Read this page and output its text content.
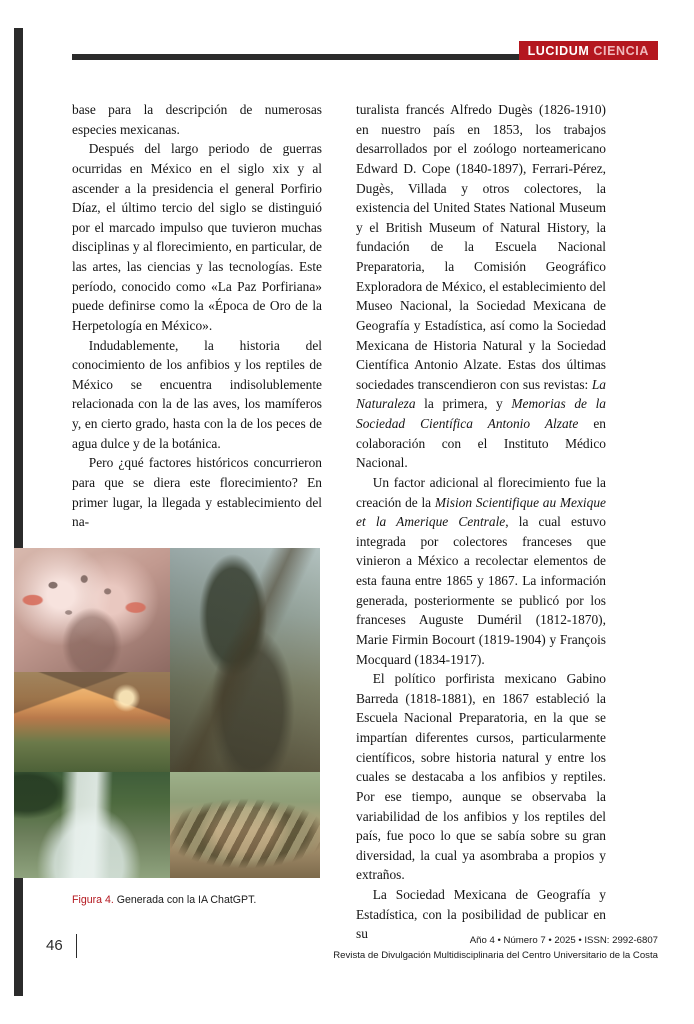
LUCIDUM CIENCIA

base para la descripción de numerosas especies mexicanas.

Después del largo periodo de guerras ocurridas en México en el siglo xix y al ascender a la presidencia el general Porfirio Díaz, el último tercio del siglo se distinguió por el marcado impulso que tuvieron muchas disciplinas y al florecimiento, en particular, de las artes, las ciencias y las tecnologías. Este período, conocido como «La Paz Porfiriana» puede definirse como la «Época de Oro de la Herpetología en México».

Indudablemente, la historia del conocimiento de los anfibios y los reptiles de México se encuentra indisolublemente relacionada con la de las aves, los mamíferos y, en cierto grado, hasta con la de los peces de agua dulce y de la botánica.

Pero ¿qué factores históricos concurrieron para que se diera este florecimiento? En primer lugar, la llegada y establecimiento del na-

turalista francés Alfredo Dugès (1826-1910) en nuestro país en 1853, los trabajos desarrollados por el zoólogo norteamericano Edward D. Cope (1840-1897), Ferrari-Pérez, Dugès, Villada y otros colectores, la existencia del United States National Museum y el British Museum of Natural History, la fundación de la Escuela Nacional Preparatoria, la Comisión Geográfico Exploradora de México, el establecimiento del Museo Nacional, la Sociedad Mexicana de Geografía y Estadística, así como la Sociedad Mexicana de Historia Natural y la Sociedad Científica Antonio Alzate. Estas dos últimas sociedades transcendieron con sus revistas: La Naturaleza la primera, y Memorias de la Sociedad Científica Antonio Alzate en colaboración con el Instituto Médico Nacional.

Un factor adicional al florecimiento fue la creación de la Mision Scientifique au Mexique et la Amerique Centrale, la cual estuvo integrada por colectores franceses que vinieron a México a recolectar elementos de esta fauna entre 1865 y 1867. La información generada, posteriormente se publicó por los franceses Auguste Duméril (1812-1870), Marie Firmin Bocourt (1819-1904) y François Mocquard (1834-1917).

El político porfirista mexicano Gabino Barreda (1818-1881), en 1867 estableció la Escuela Nacional Preparatoria, en la que se impartían diferentes cursos, particularmente científicos, sobre historia natural y entre los cuales se destacaba a los anfibios y reptiles. Por ese tiempo, aunque se observaba la variabilidad de los anfibios y los reptiles del país, fue poco lo que se sabía sobre su gran diversidad, la cual ya asombraba a propios y extraños.

La Sociedad Mexicana de Geografía y Estadística, con la posibilidad de publicar en su

Figura 4. Generada con la IA ChatGPT.
46	Año 4 • Número 7 • 2025 • ISSN: 2992-6807
Revista de Divulgación Multidisciplinaria del Centro Universitario de la Costa
